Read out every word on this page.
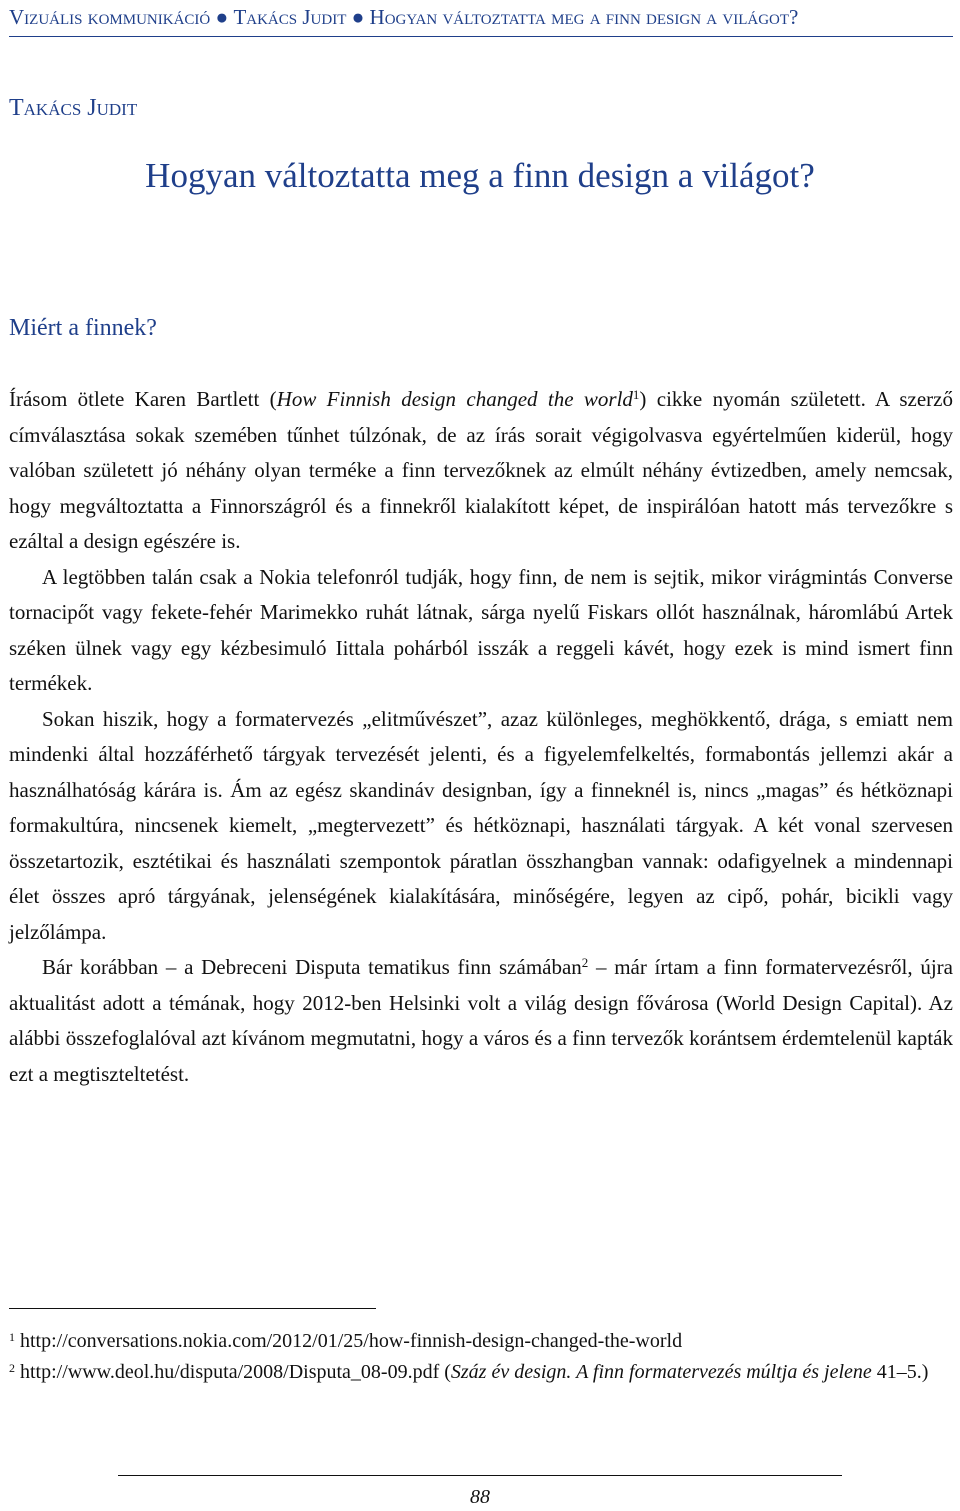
Vizuális kommunikáció ● Takács Judit ● Hogyan változtatta meg a finn design a világot?
Takács Judit
Hogyan változtatta meg a finn design a világot?
Miért a finnek?

Írásom ötlete Karen Bartlett (How Finnish design changed the world$^1$) cikke nyomán született. A szerző címválasztása sokak szemében tűnhet túlzónak, de az írás sorait végigolvasva egyértelműen kiderül, hogy valóban született jó néhány olyan terméke a finn tervezőknek az elmúlt néhány évtizedben, amely nemcsak, hogy megváltoztatta a Finnországról és a finnekről kialakított képet, de inspirálóan hatott más tervezőkre s ezáltal a design egészére is.

A legtöbben talán csak a Nokia telefonról tudják, hogy finn, de nem is sejtik, mikor virágmintás Converse tornacipőt vagy fekete-fehér Marimekko ruhát látnak, sárga nyelű Fiskars ollót használnak, háromlábú Artek széken ülnek vagy egy kézbesimuló Iittala pohárból isszák a reggeli kávét, hogy ezek is mind ismert finn termékek.

Sokan hiszik, hogy a formatervezés „elitművészet”, azaz különleges, meghökkentő, drága, s emiatt nem mindenki által hozzáférhető tárgyak tervezését jelenti, és a figyelemfelkeltés, formabontás jellemzi akár a használhatóság kárára is. Ám az egész skandináv designban, így a finneknél is, nincs „magas” és hétköznapi formakultúra, nincsenek kiemelt, „megtervezett” és hétköznapi, használati tárgyak. A két vonal szervesen összetartozik, esztétikai és használati szempontok páratlan összhangban vannak: odafigyelnek a mindennapi élet összes apró tárgyának, jelenségének kialakítására, minőségére, legyen az cipő, pohár, bicikli vagy jelzőlámpa.

Bár korábban – a Debreceni Disputa tematikus finn számában$^2$ – már írtam a finn formatervezésről, újra aktualitást adott a témának, hogy 2012-ben Helsinki volt a világ design fővárosa (World Design Capital). Az alábbi összefoglalóval azt kívánom megmutatni, hogy a város és a finn tervezők korántsem érdemtelenül kapták ezt a megtiszteltetést.

$^1$ http://conversations.nokia.com/2012/01/25/how-finnish-design-changed-the-world

$^2$ http://www.deol.hu/disputa/2008/Disputa_08-09.pdf (Száz év design. A finn formatervezés múltja és jelene 41–5.)

88
